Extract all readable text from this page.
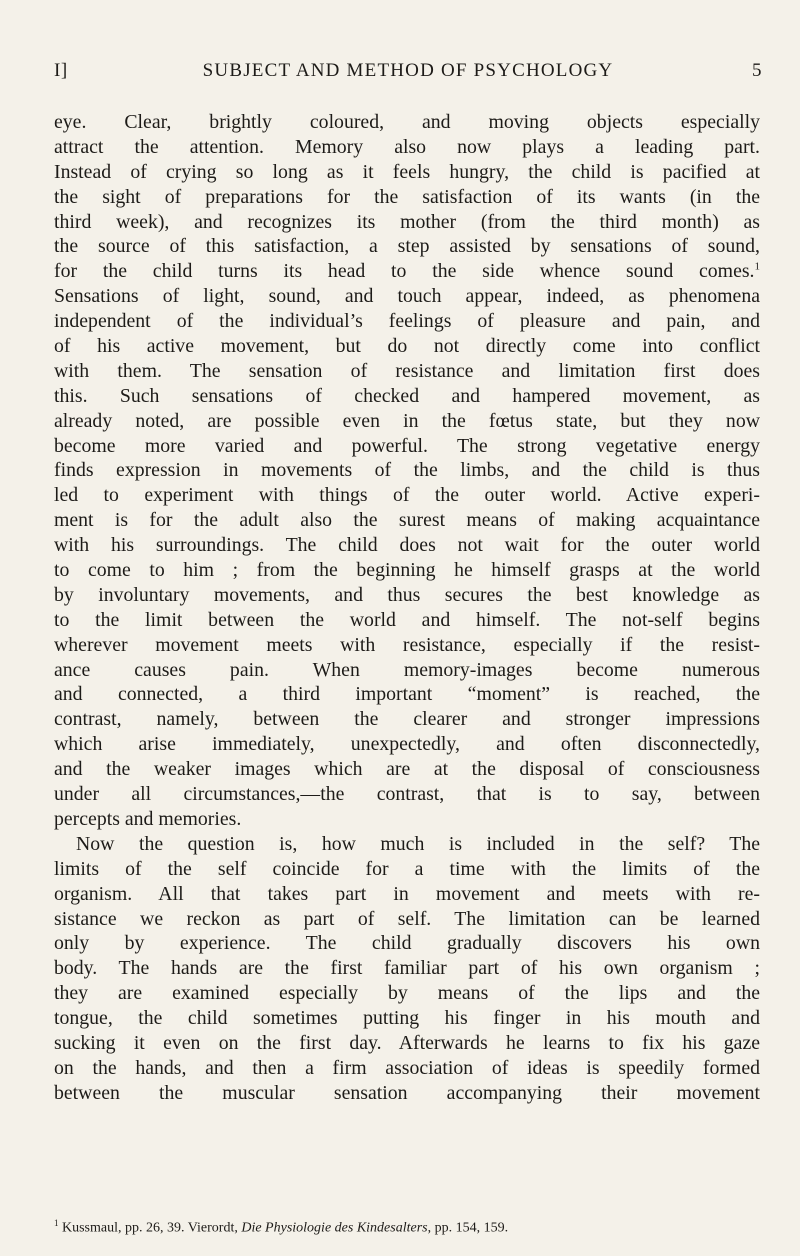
I]	SUBJECT AND METHOD OF PSYCHOLOGY	5

eye. Clear, brightly coloured, and moving objects especially
attract the attention. Memory also now plays a leading part.
Instead of crying so long as it feels hungry, the child is pacified at
the sight of preparations for the satisfaction of its wants (in the
third week), and recognizes its mother (from the third month) as
the source of this satisfaction, a step assisted by sensations of sound,
for the child turns its head to the side whence sound comes.$^1$
Sensations of light, sound, and touch appear, indeed, as phenomena
independent of the individual’s feelings of pleasure and pain, and
of his active movement, but do not directly come into conflict
with them. The sensation of resistance and limitation first does
this. Such sensations of checked and hampered movement, as
already noted, are possible even in the fœtus state, but they now
become more varied and powerful. The strong vegetative energy
finds expression in movements of the limbs, and the child is thus
led to experiment with things of the outer world. Active experi-
ment is for the adult also the surest means of making acquaintance
with his surroundings. The child does not wait for the outer world
to come to him ; from the beginning he himself grasps at the world
by involuntary movements, and thus secures the best knowledge as
to the limit between the world and himself. The not-self begins
wherever movement meets with resistance, especially if the resist-
ance causes pain. When memory-images become numerous
and connected, a third important “moment” is reached, the
contrast, namely, between the clearer and stronger impressions
which arise immediately, unexpectedly, and often disconnectedly,
and the weaker images which are at the disposal of consciousness
under all circumstances,—the contrast, that is to say, between
percepts and memories.

Now the question is, how much is included in the self? The
limits of the self coincide for a time with the limits of the
organism. All that takes part in movement and meets with re-
sistance we reckon as part of self. The limitation can be learned
only by experience. The child gradually discovers his own
body. The hands are the first familiar part of his own organism ;
they are examined especially by means of the lips and the
tongue, the child sometimes putting his finger in his mouth and
sucking it even on the first day. Afterwards he learns to fix his gaze
on the hands, and then a firm association of ideas is speedily formed
between the muscular sensation accompanying their movement

$^1$ Kussmaul, pp. 26, 39. Vierordt, Die Physiologie des Kindesalters, pp. 154, 159.
